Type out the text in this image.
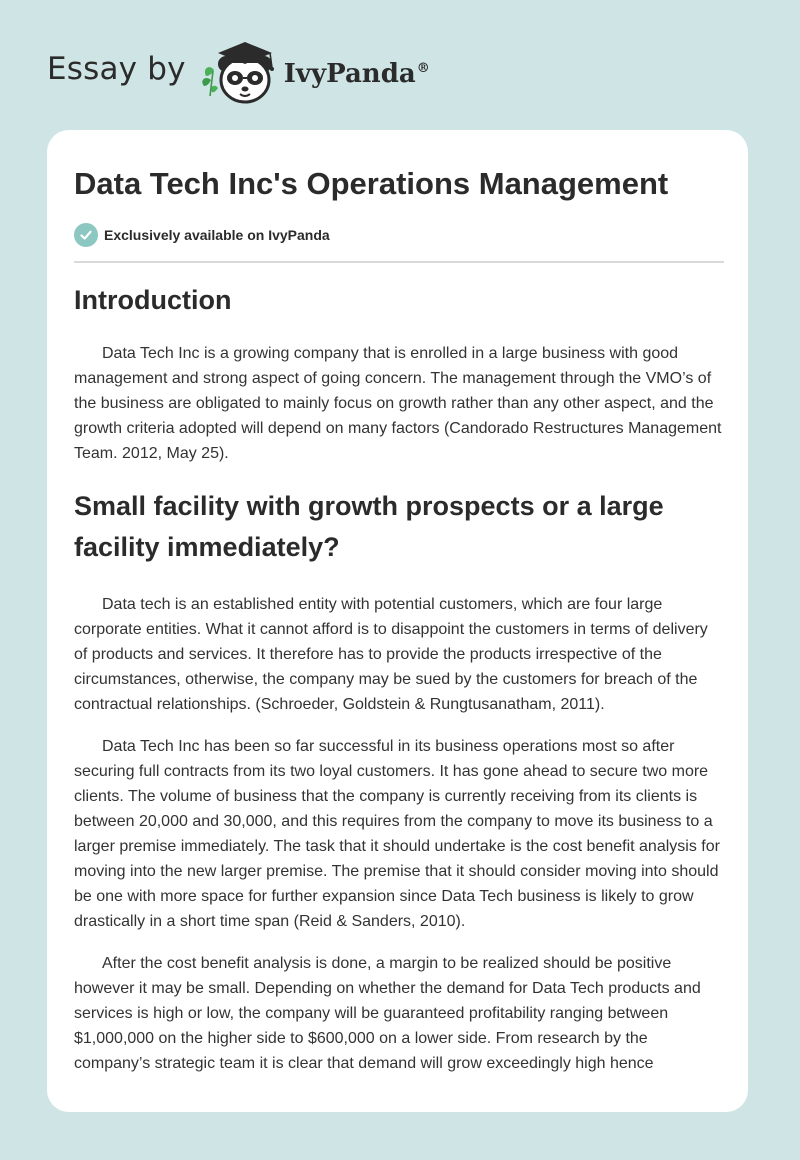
Essay by	IvyPanda®
Data Tech Inc's Operations Management
Exclusively available on IvyPanda
Introduction

Data Tech Inc is a growing company that is enrolled in a large business with good management and strong aspect of going concern. The management through the VMO’s of the business are obligated to mainly focus on growth rather than any other aspect, and the growth criteria adopted will depend on many factors (Candorado Restructures Management Team. 2012, May 25).

Small facility with growth prospects or a large facility immediately?

Data tech is an established entity with potential customers, which are four large corporate entities. What it cannot afford is to disappoint the customers in terms of delivery of products and services. It therefore has to provide the products irrespective of the circumstances, otherwise, the company may be sued by the customers for breach of the contractual relationships. (Schroeder, Goldstein & Rungtusanatham, 2011).

Data Tech Inc has been so far successful in its business operations most so after securing full contracts from its two loyal customers. It has gone ahead to secure two more clients. The volume of business that the company is currently receiving from its clients is between 20,000 and 30,000, and this requires from the company to move its business to a larger premise immediately. The task that it should undertake is the cost benefit analysis for moving into the new larger premise. The premise that it should consider moving into should be one with more space for further expansion since Data Tech business is likely to grow drastically in a short time span (Reid & Sanders, 2010).

After the cost benefit analysis is done, a margin to be realized should be positive however it may be small. Depending on whether the demand for Data Tech products and services is high or low, the company will be guaranteed profitability ranging between $1,000,000 on the higher side to $600,000 on a lower side. From research by the company’s strategic team it is clear that demand will grow exceedingly high hence
